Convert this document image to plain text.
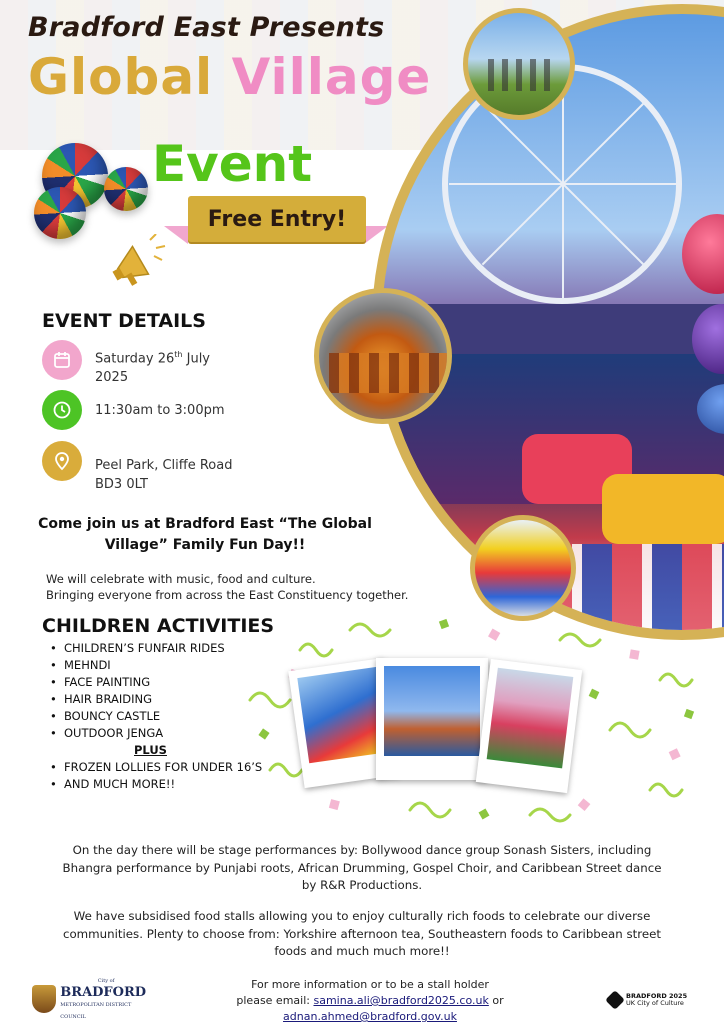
Bradford East Presents
Global Village
Event
Free Entry!
EVENT DETAILS
Saturday 26th July
2025
11:30am to 3:00pm
Peel Park, Cliffe Road
BD3 0LT
Come join us at Bradford East “The Global
Village” Family Fun Day!!
We will celebrate with music, food and culture.
Bringing everyone from across the East Constituency together.
CHILDREN ACTIVITIES
• CHILDREN’S FUNFAIR RIDES
• MEHNDI
• FACE PAINTING
• HAIR BRAIDING
• BOUNCY CASTLE
• OUTDOOR JENGA
PLUS
• FROZEN LOLLIES FOR UNDER 16’S
• AND MUCH MORE!!
On the day there will be stage performances by: Bollywood dance group Sonash Sisters, including
Bhangra performance by Punjabi roots, African Drumming, Gospel Choir, and Caribbean Street dance
by R&R Productions.
We have subsidised food stalls allowing you to enjoy culturally rich foods to celebrate our diverse
communities. Plenty to choose from: Yorkshire afternoon tea, Southeastern foods to Caribbean street
foods and much much more!!
City of
BRADFORD
METROPOLITAN DISTRICT COUNCIL
For more information or to be a stall holder
please email: samina.ali@bradford2025.co.uk or adnan.ahmed@bradford.gov.uk
BRADFORD 2025
UK City of Culture
